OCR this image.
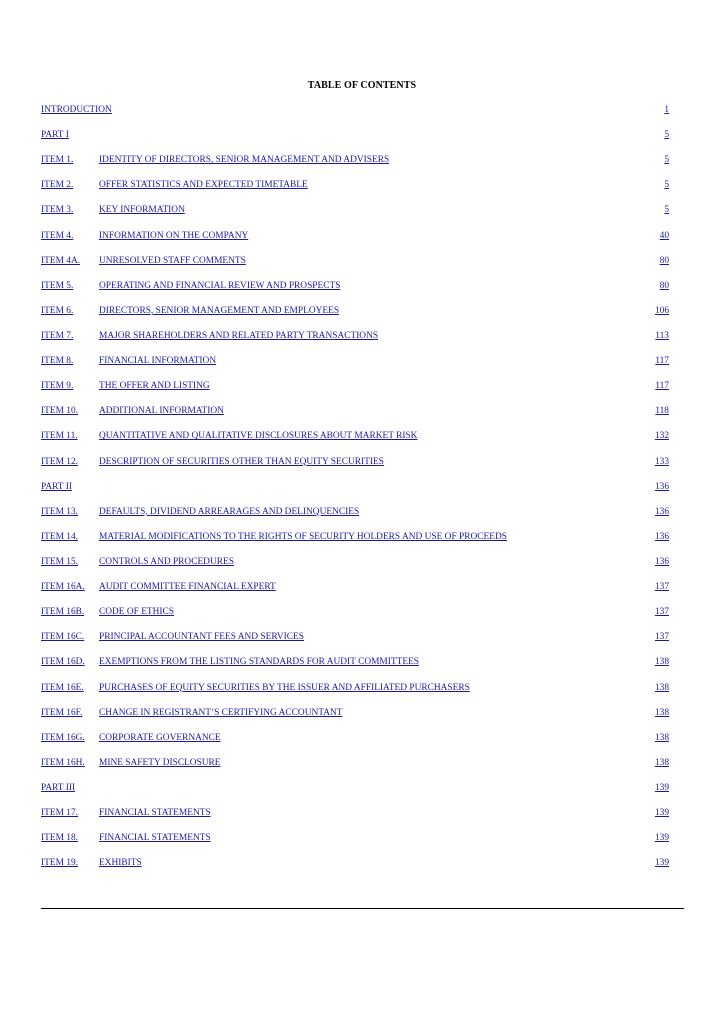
TABLE OF CONTENTS
INTRODUCTION	1
PART I	5
ITEM 1.	IDENTITY OF DIRECTORS, SENIOR MANAGEMENT AND ADVISERS	5
ITEM 2.	OFFER STATISTICS AND EXPECTED TIMETABLE	5
ITEM 3.	KEY INFORMATION	5
ITEM 4.	INFORMATION ON THE COMPANY	40
ITEM 4A. UNRESOLVED STAFF COMMENTS	80
ITEM 5.	OPERATING AND FINANCIAL REVIEW AND PROSPECTS	80
ITEM 6.	DIRECTORS, SENIOR MANAGEMENT AND EMPLOYEES	106
ITEM 7.	MAJOR SHAREHOLDERS AND RELATED PARTY TRANSACTIONS	113
ITEM 8.	FINANCIAL INFORMATION	117
ITEM 9.	THE OFFER AND LISTING	117
ITEM 10. ADDITIONAL INFORMATION	118
ITEM 11. QUANTITATIVE AND QUALITATIVE DISCLOSURES ABOUT MARKET RISK	132
ITEM 12. DESCRIPTION OF SECURITIES OTHER THAN EQUITY SECURITIES	133
PART II	136
ITEM 13. DEFAULTS, DIVIDEND ARREARAGES AND DELINQUENCIES	136
ITEM 14. MATERIAL MODIFICATIONS TO THE RIGHTS OF SECURITY HOLDERS AND USE OF PROCEEDS	136
ITEM 15. CONTROLS AND PROCEDURES	136
ITEM 16A. AUDIT COMMITTEE FINANCIAL EXPERT	137
ITEM 16B. CODE OF ETHICS	137
ITEM 16C. PRINCIPAL ACCOUNTANT FEES AND SERVICES	137
ITEM 16D. EXEMPTIONS FROM THE LISTING STANDARDS FOR AUDIT COMMITTEES	138
ITEM 16E. PURCHASES OF EQUITY SECURITIES BY THE ISSUER AND AFFILIATED PURCHASERS	138
ITEM 16F. CHANGE IN REGISTRANT’S CERTIFYING ACCOUNTANT	138
ITEM 16G. CORPORATE GOVERNANCE	138
ITEM 16H. MINE SAFETY DISCLOSURE	138
PART III	139
ITEM 17. FINANCIAL STATEMENTS	139
ITEM 18. FINANCIAL STATEMENTS	139
ITEM 19. EXHIBITS	139
